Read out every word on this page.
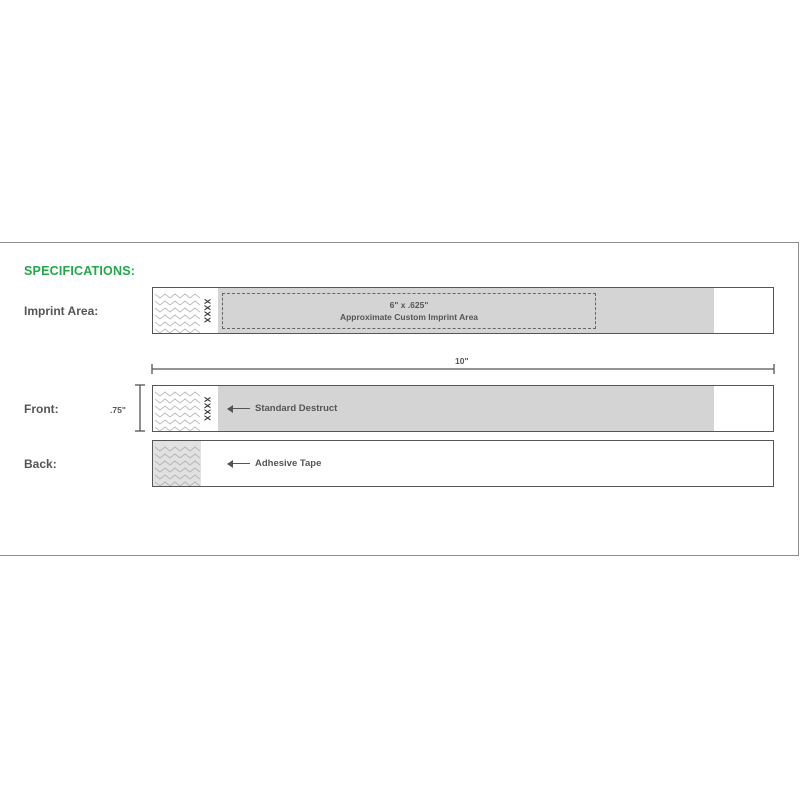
SPECIFICATIONS:
Imprint Area:	XXXX	6" x .625"
Approximate Custom Imprint Area
10"
Front:	.75"	XXXX	Standard Destruct
Back:	Adhesive Tape
